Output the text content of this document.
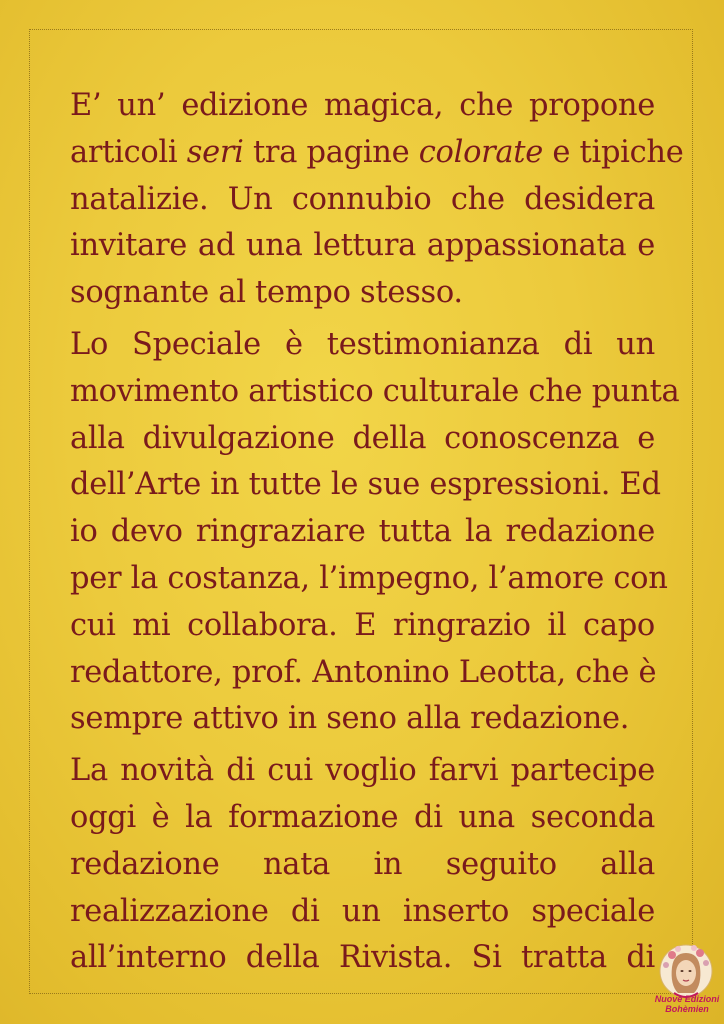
E’ un’ edizione magica, che propone
articoli seri tra pagine colorate e tipiche
natalizie. Un connubio che desidera
invitare ad una lettura appassionata e
sognante al tempo stesso.
Lo Speciale è testimonianza di un
movimento artistico culturale che punta
alla divulgazione della conoscenza e
dell’Arte in tutte le sue espressioni. Ed
io devo ringraziare tutta la redazione
per la costanza, l’impegno, l’amore con
cui mi collabora. E ringrazio il capo
redattore, prof. Antonino Leotta, che è
sempre attivo in seno alla redazione.
La novità di cui voglio farvi partecipe
oggi è la formazione di una seconda
redazione nata in seguito alla
realizzazione di un inserto speciale
all’interno della Rivista. Si tratta di
Nuove Edizioni
Bohèmien
